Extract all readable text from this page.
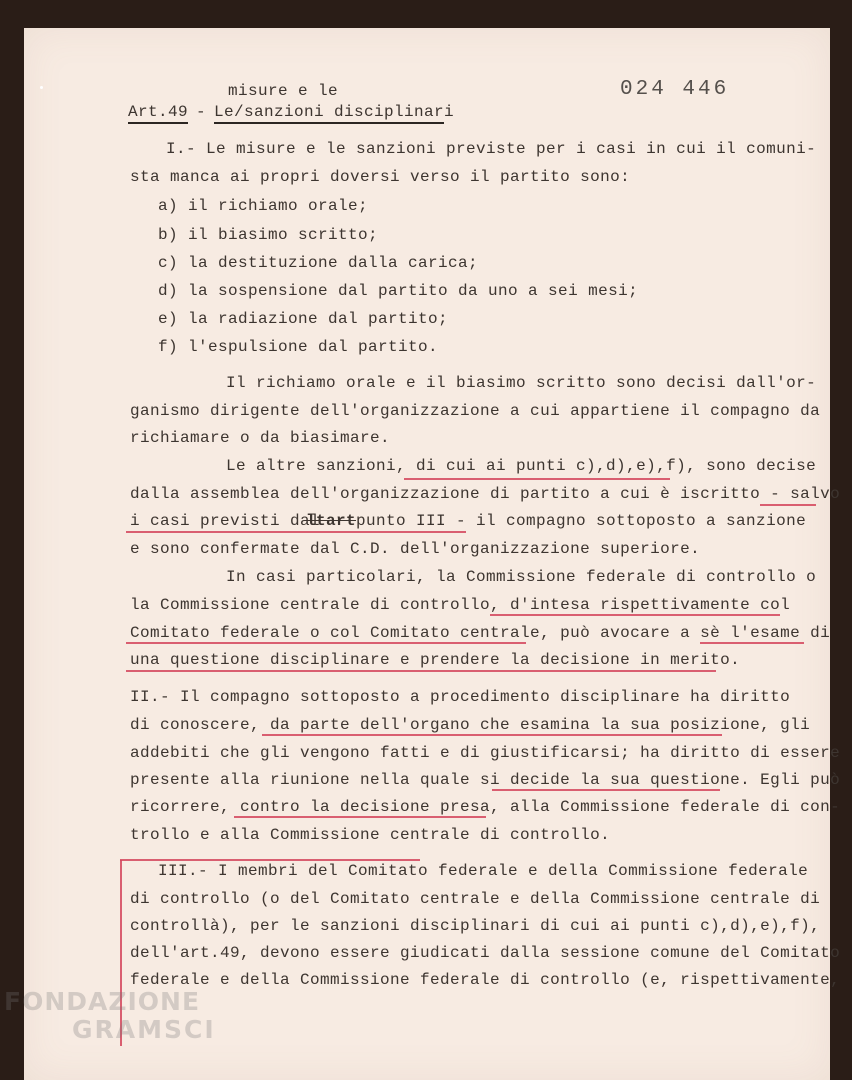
024 446
misure e le
Art.49 - Le/sanzioni disciplinari
I.- Le misure e le sanzioni previste per i casi in cui il comuni-
sta manca ai propri doversi verso il partito sono:
a) il richiamo orale;
b) il biasimo scritto;
c) la destituzione dalla carica;
d) la sospensione dal partito da uno a sei mesi;
e) la radiazione dal partito;
f) l'espulsione dal partito.
Il richiamo orale e il biasimo scritto sono decisi dall'or-
ganismo dirigente dell'organizzazione a cui appartiene il compagno da
richiamare o da biasimare.
Le altre sanzioni, di cui ai punti c),d),e),f), sono decise
dalla assemblea dell'organizzazione di partito a cui è iscritto - salvo
i casi previsti dal
ltart punto III - il compagno sottoposto a sanzione
e sono confermate dal C.D. dell'organizzazione superiore.
In casi particolari, la Commissione federale di controllo o
la Commissione centrale di controllo, d'intesa rispettivamente col
Comitato federale o col Comitato centrale, può avocare a sè l'esame di
una questione disciplinare e prendere la decisione in merito.
II.- Il compagno sottoposto a procedimento disciplinare ha diritto
di conoscere, da parte dell'organo che esamina la sua posizione, gli
addebiti che gli vengono fatti e di giustificarsi; ha diritto di essere
presente alla riunione nella quale si decide la sua questione. Egli può
ricorrere, contro la decisione presa, alla Commissione federale di con-
trollo e alla Commissione centrale di controllo.
III.- I membri del Comitato federale e della Commissione federale
di controllo (o del Comitato centrale e della Commissione centrale di
controllà), per le sanzioni disciplinari di cui ai punti c),d),e),f),
dell'art.49, devono essere giudicati dalla sessione comune del Comitato
federale e della Commissione federale di controllo (e, rispettivamente,
FONDAZIONE
GRAMSCI
